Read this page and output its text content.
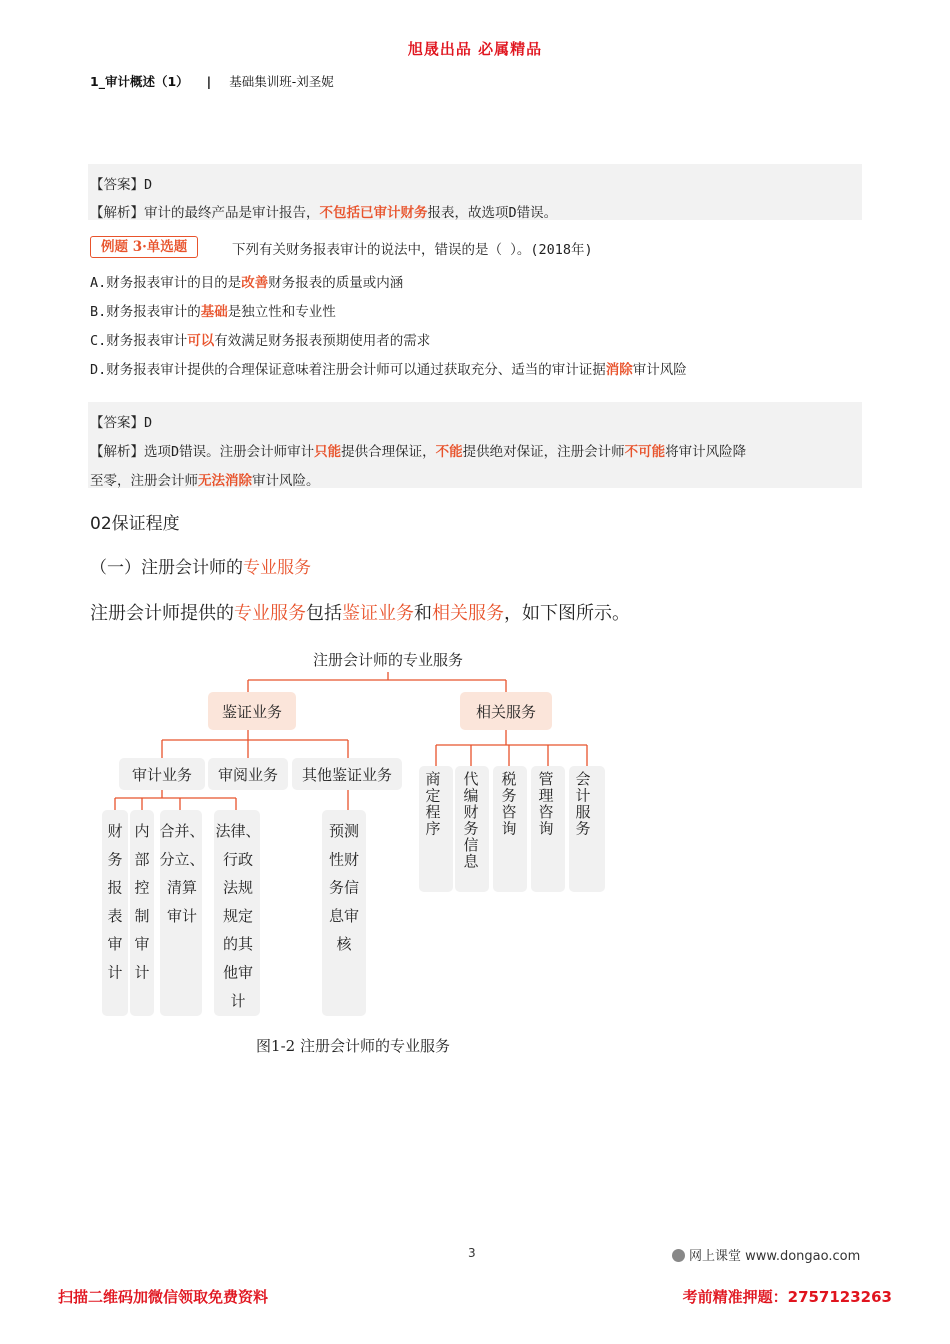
旭晟出品 必属精品
1_审计概述（1） | 基础集训班-刘圣妮
【答案】D
【解析】审计的最终产品是审计报告，不包括已审计财务报表，故选项D错误。
例题 3·单选题	下列有关财务报表审计的说法中，错误的是（ ）。(2018年)
A.财务报表审计的目的是改善财务报表的质量或内涵
B.财务报表审计的基础是独立性和专业性
C.财务报表审计可以有效满足财务报表预期使用者的需求
D.财务报表审计提供的合理保证意味着注册会计师可以通过获取充分、适当的审计证据消除审计风险
【答案】D
【解析】选项D错误。注册会计师审计只能提供合理保证，不能提供绝对保证，注册会计师不可能将审计风险降
至零，注册会计师无法消除审计风险。
02保证程度
（一）注册会计师的专业服务
注册会计师提供的专业服务包括鉴证业务和相关服务，如下图所示。
注册会计师的专业服务
鉴证业务	相关服务
审计业务 审阅业务 其他鉴证业务
财
务
报
表
审
计
内
部
控
制
审
计
合并、
分立、
清算
审计
法律、
行政
法规
规定
的其
他审
计
预测
性财
务信
息审
核
商
定
程
序
代
编
财
务
信
息
税
务
咨
询
管
理
咨
询
会
计
服
务
图1-2 注册会计师的专业服务
3	网上课堂 www.dongao.com
扫描二维码加微信领取免费资料	考前精准押题：2757123263
